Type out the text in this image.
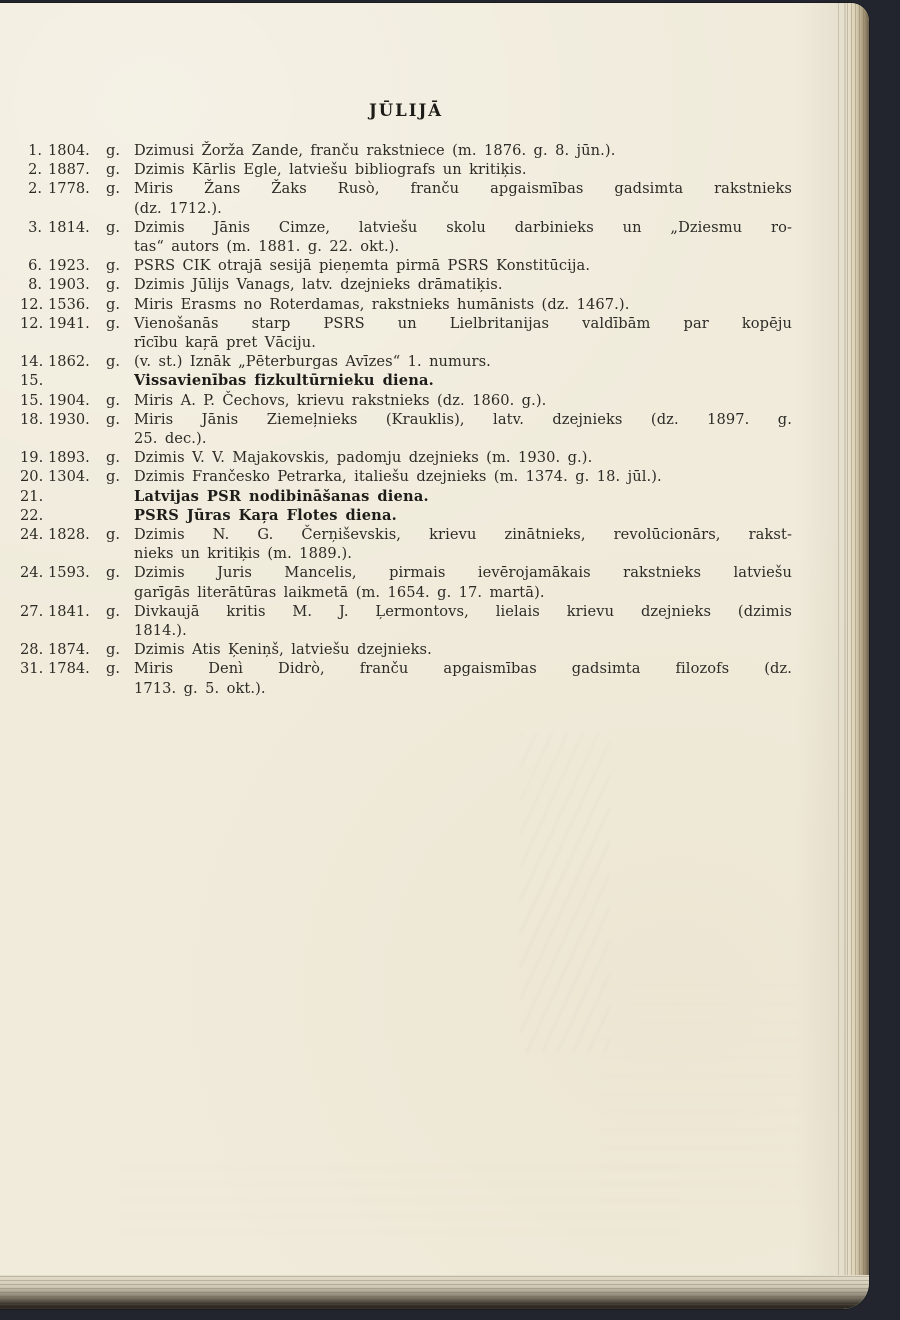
JŪLIJĀ
1. 1804.	g. Dzimusi Žorža Zande, franču rakstniece (m. 1876. g. 8. jūn.).
2. 1887.	g. Dzimis Kārlis Egle, latviešu bibliografs un kritiķis.
2. 1778.	g. Miris Žans Žaks Rusò, franču apgaismības gadsimta rakstnieks
(dz. 1712.).
3. 1814.	g. Dzimis Jānis Cimze, latviešu skolu darbinieks un „Dziesmu ro-
tas“ autors (m. 1881. g. 22. okt.).
6. 1923.	g. PSRS CIK otrajā sesijā pieņemta pirmā PSRS Konstitūcija.
8. 1903.	g. Dzimis Jūlijs Vanags, latv. dzejnieks drāmatiķis.
12. 1536.	g. Miris Erasms no Roterdamas, rakstnieks humānists (dz. 1467.).
12. 1941.	g. Vienošanās starp PSRS un Lielbritanijas valdībām par kopēju
rīcību kaŗā pret Vāciju.
14. 1862.	g. (v. st.) Iznāk „Pēterburgas Avīzes“ 1. numurs.
15.	Vissavienības fizkultūrnieku diena.
15. 1904.	g. Miris A. P. Čechovs, krievu rakstnieks (dz. 1860. g.).
18. 1930.	g. Miris Jānis Ziemeļnieks (Krauklis), latv. dzejnieks (dz. 1897. g.
25. dec.).
19. 1893.	g. Dzimis V. V. Majakovskis, padomju dzejnieks (m. 1930. g.).
20. 1304.	g. Dzimis Frančesko Petrarka, italiešu dzejnieks (m. 1374. g. 18. jūl.).
21.	Latvijas PSR nodibināšanas diena.
22.	PSRS Jūras Kaŗa Flotes diena.
24. 1828.	g. Dzimis N. G. Čerņiševskis, krievu zinātnieks, revolūcionārs, rakst-
nieks un kritiķis (m. 1889.).
24. 1593.	g. Dzimis Juris Mancelis, pirmais ievērojamākais rakstnieks latviešu
garīgās literātūras laikmetā (m. 1654. g. 17. martā).
27. 1841.	g. Divkaujā kritis M. J. Ļermontovs, lielais krievu dzejnieks (dzimis
1814.).
28. 1874.	g. Dzimis Atis Ķeniņš, latviešu dzejnieks.
31. 1784.	g. Miris Denì Didrò, franču apgaismības gadsimta filozofs (dz.
1713. g. 5. okt.).
